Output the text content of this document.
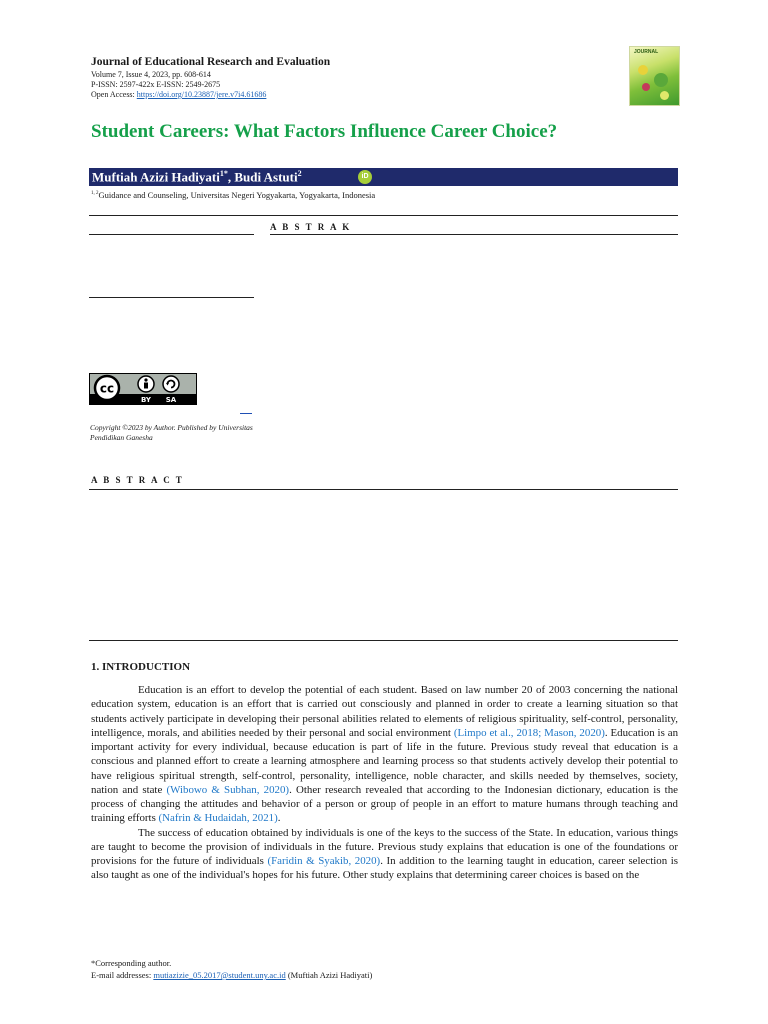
Journal of Educational Research and Evaluation
Volume 7, Issue 4, 2023, pp. 608-614
P-ISSN: 2597-422x E-ISSN: 2549-2675
Open Access: https://doi.org/10.23887/jere.v7i4.61686
JOURNAL
Student Careers: What Factors Influence Career Choice?
Muftiah Azizi Hadiyati$^{1*}$, Budi Astuti$^2$	iD
$^{1, 2}$Guidance and Counseling, Universitas Negeri Yogyakarta, Yogyakarta, Indonesia
A B S T R A K
cc
BY SA
Copyright ©2023 by Author. Published by Universitas Pendidikan Ganesha
A B S T R A C T
1. INTRODUCTION

Education is an effort to develop the potential of each student. Based on law number 20 of 2003 concerning the national education system, education is an effort that is carried out consciously and planned in order to create a learning situation so that students actively participate in developing their personal abilities related to elements of religious spirituality, self-control, personality, intelligence, morals, and abilities needed by their personal and social environment (Limpo et al., 2018; Mason, 2020). Education is an important activity for every individual, because education is part of life in the future. Previous study reveal that education is a conscious and planned effort to create a learning atmosphere and learning process so that students actively develop their potential to have religious spiritual strength, self-control, personality, intelligence, noble character, and skills needed by themselves, society, nation and state (Wibowo & Subhan, 2020). Other research revealed that according to the Indonesian dictionary, education is the process of changing the attitudes and behavior of a person or group of people in an effort to mature humans through teaching and training efforts (Nafrin & Hudaidah, 2021).

The success of education obtained by individuals is one of the keys to the success of the State. In education, various things are taught to become the provision of individuals in the future. Previous study explains that education is one of the foundations or provisions for the future of individuals (Faridin & Syakib, 2020). In addition to the learning taught in education, career selection is also taught as one of the individual's hopes for his future. Other study explains that determining career choices is based on the

*Corresponding author.
E-mail addresses: mutiazizie_05.2017@student.uny.ac.id (Muftiah Azizi Hadiyati)
